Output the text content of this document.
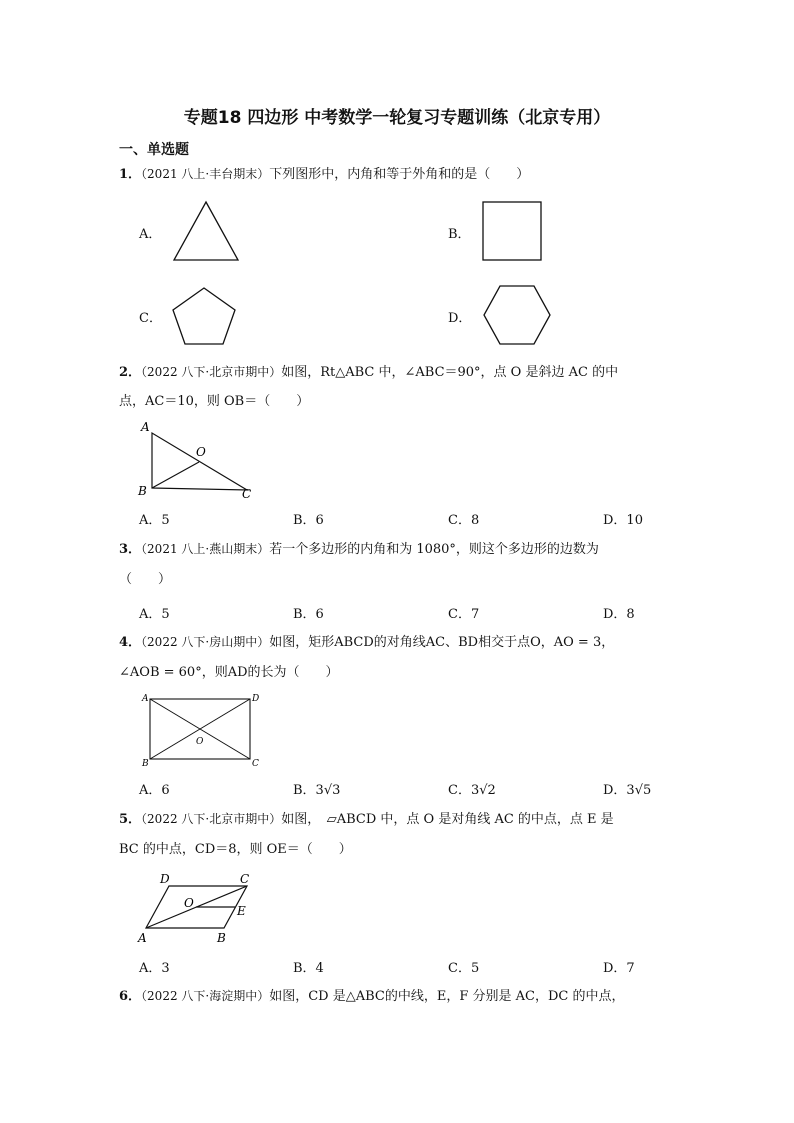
专题18 四边形 中考数学一轮复习专题训练（北京专用）
一、单选题
1．（2021 八上·丰台期末）下列图形中，内角和等于外角和的是（　　）
A．	B．
C．	D．
2．（2022 八下·北京市期中）如图，Rt△ABC 中，∠ABC＝90°，点 O 是斜边 AC 的中
点，AC＝10，则 OB＝（　　）
A
O
B	C
A．5	B．6	C．8	D．10
3．（2021 八上·燕山期末）若一个多边形的内角和为 1080°，则这个多边形的边数为
（　　）
A．5	B．6	C．7	D．8
4．（2022 八下·房山期中）如图，矩形ABCD的对角线AC、BD相交于点O，AO = 3，
∠AOB = 60°，则AD的长为（　　）
A	D
O
B	C
A．6	B．3√3	C．3√2	D．3√5
5．（2022 八下·北京市期中）如图，　▱ABCD 中，点 O 是对角线 AC 的中点，点 E 是
BC 的中点，CD＝8，则 OE＝（　　）
D	C
O
E
A	B
A．3	B．4	C．5	D．7
6．（2022 八下·海淀期中）如图，CD 是△ABC的中线，E，F 分别是 AC，DC 的中点，
